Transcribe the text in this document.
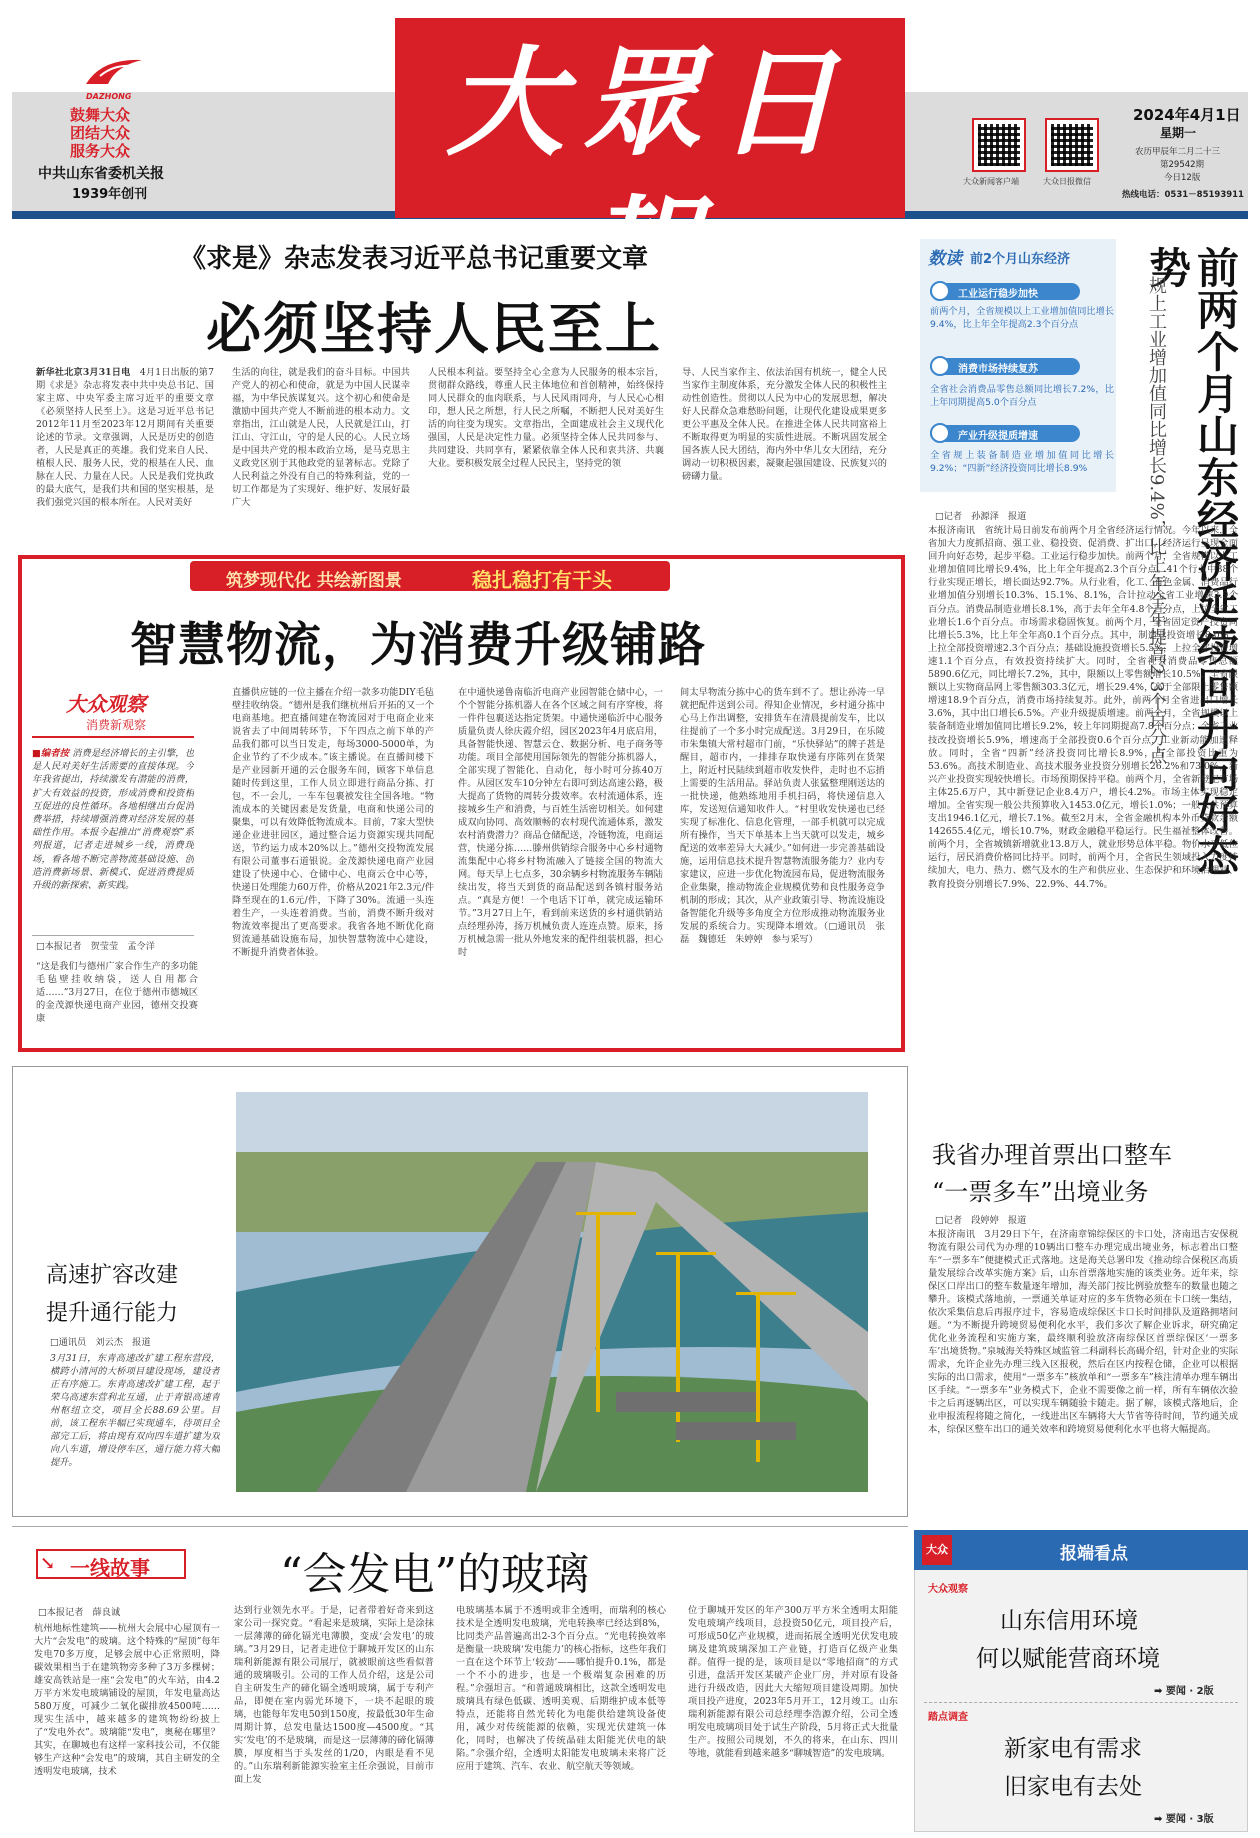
DAZHONG
鼓舞大众
团结大众
服务大众
中共山东省委机关报
1939年创刊
大眾日報
大众新闻客户端	大众日报微信
2024年4月1日
星期一
农历甲辰年二月二十三
第29542期
今日12版
热线电话：0531－85193911
《求是》杂志发表习近平总书记重要文章
必须坚持人民至上
新华社北京3月31日电　 4月1日出版的第7期《求是》杂志将发表中共中央总书记、国家主席、中央军委主席习近平的重要文章《必须坚持人民至上》。这是习近平总书记2012年11月至2023年12月期间有关重要论述的节录。文章强调，人民是历史的创造者，人民是真正的英雄。我们党来自人民、植根人民、服务人民，党的根基在人民、血脉在人民、力量在人民。人民是我们党执政的最大底气，是我们共和国的坚实根基，是我们强党兴国的根本所在。人民对美好
生活的向往，就是我们的奋斗目标。中国共产党人的初心和使命，就是为中国人民谋幸福，为中华民族谋复兴。这个初心和使命是激励中国共产党人不断前进的根本动力。文章指出，江山就是人民，人民就是江山，打江山、守江山，守的是人民的心。人民立场是中国共产党的根本政治立场，是马克思主义政党区别于其他政党的显著标志。党除了人民利益之外没有自己的特殊利益，党的一切工作都是为了实现好、维护好、发展好最广大
人民根本利益。要坚持全心全意为人民服务的根本宗旨，贯彻群众路线，尊重人民主体地位和首创精神，始终保持同人民群众的血肉联系，与人民风雨同舟，与人民心心相印，想人民之所想，行人民之所嘱，不断把人民对美好生活的向往变为现实。文章指出，全面建成社会主义现代化强国，人民是决定性力量。必须坚持全体人民共同参与、共同建设、共同享有，紧紧依靠全体人民和衷共济、共襄大业。要积极发展全过程人民民主，坚持党的领
导、人民当家作主、依法治国有机统一，健全人民当家作主制度体系，充分激发全体人民的积极性主动性创造性。贯彻以人民为中心的发展思想，解决好人民群众急难愁盼问题，让现代化建设成果更多更公平惠及全体人民。在推进全体人民共同富裕上不断取得更为明显的实质性进展。不断巩固发展全国各族人民大团结，海内外中华儿女大团结，充分调动一切积极因素，凝聚起强国建设、民族复兴的磅礴力量。
筑梦现代化 共绘新图景	稳扎稳打有干头
智慧物流，为消费升级铺路
大众观察
消费新观察
■编者按 消费是经济增长的主引擎，也是人民对美好生活需要的直接体现。今年我省提出，持续激发有潜能的消费，扩大有效益的投资，形成消费和投资相互促进的良性循环。各地相继出台促消费举措，持续增强消费对经济发展的基础性作用。本报今起推出“消费观察”系列报道，记者走进城乡一线，消费现场，看各地不断完善物流基础设施、创造消费新场景、新模式、促进消费提质升级的新探索、新实践。
□本报记者　贺莹莹　孟令洋
“这是我们与德州广家合作生产的多功能毛毡壁挂收纳袋，送人自用都合适……”3月27日，在位于德州市德城区的金茂源快递电商产业园，德州交投赛康
直播供应链的一位主播在介绍一款多功能DIY毛毡壁挂收纳袋。“德州是我们继杭州后开拓的又一个电商基地。把直播间建在物流园对于电商企业来说省去了中间周转环节，下午四点之前下单的产品我们都可以当日发走，每场3000-5000单，为企业节约了不少成本。”该主播说。在直播间楼下是产业园新开通的云仓服务车间，顾客下单信息随时传到这里，工作人员立即进行商品分拣、打包，不一会儿，一车车包裹被发往全国各地。“物流成本的关键因素是发货量，电商和快递公司的聚集，可以有效降低物流成本。目前，7家大型快递企业进驻园区，通过整合运力资源实现共同配送，节约运力成本20%以上。”德州交投物流发展有限公司董事石道银说。金茂源快递电商产业园建设了快递中心、仓储中心、电商云仓中心等，快递日处理能力60万件，价格从2021年2.3元/件降至现在的1.6元/件，下降了30%。流通一头连着生产，一头连着消费。当前，消费不断升级对物流效率提出了更高要求。我省各地不断优化商贸流通基础设施布局，加快智慧物流中心建设，不断提升消费者体验。
在中通快递鲁南临沂电商产业园智能仓储中心，一个个智能分拣机器人在各个区域之间有序穿梭，将一件件包裹送达指定货架。中通快递临沂中心服务质量负责人徐庆霞介绍，园区2023年4月底启用，具备智能快递、智慧云仓、数据分析、电子商务等功能。项目全部使用国际领先的智能分拣机器人，全部实现了智能化、自动化，每小时可分拣40万件。从园区发车10分钟左右即可到达高速公路，极大提高了货物的周转分拨效率。农村流通体系，连接城乡生产和消费，与百姓生活密切相关。如何建成双向协同、高效顺畅的农村现代流通体系，激发农村消费潜力？商品仓储配送，冷链物流，电商运营，快递分拣……滕州供销综合服务中心乡村通物流集配中心将乡村物流融入了链接全国的物流大网。每天早上七点多，30余辆乡村物流服务车辆陆续出发，将当天到货的商品配送到各镇村服务站点。“真是方便！一个电话下订单，就完成运输环节。”3月27日上午，看到前来送货的乡村通供销站点经理孙涛，扬万机械负责人连连点赞。原来，扬万机械急需一批从外地发来的配件组装机器，担心时
间太早物流分拣中心的货车到不了。想让孙涛一早就把配件送到公司。得知企业情况，乡村通分拣中心马上作出调整，安排货车在清晨提前发车，比以往提前了一个多小时完成配送。3月29日，在乐陵市朱集镇大常村超市门前，“乐快驿站”的牌子甚是醒目，超市内，一排排存取快递有序陈列在货架上，附近村民陆续到超市收发快件，走时也不忘捎上需要的生活用品。驿站负责人张猛整理刚送达的一批快递，他熟练地用手机扫码，将快递信息入库，发送短信通知收件人。“村里收发快递也已经实现了标准化、信息化管理，一部手机就可以完成所有操作，当天下单基本上当天就可以发走，城乡配送的效率差异大大减少。”如何进一步完善基础设施，运用信息技术提升智慧物流服务能力？业内专家建议，应进一步优化物流园布局，促进物流服务企业集聚，推动物流企业规模优势和良性服务竞争机制的形成；其次，从产业政策引导、物流设施设备智能化升级等多角度全方位形成推动物流服务业发展的系统合力。实现降本增效。（□通讯员　张磊　魏德廷　朱婷婷　参与采写）
高速扩容改建
提升通行能力
□通讯员　刘云杰　报道
3月31日，东青高速改扩建工程东营段，横跨小清河的大桥项目建设现场，建设者正有序施工。东青高速改扩建工程，起于荣乌高速东营利北互通，止于青银高速青州枢纽立交，项目全长88.69公里。目前，该工程东半幅已实现通车，待项目全部完工后，将由现有双向四车道扩建为双向八车道，增设停车区，通行能力将大幅提升。
数读 前2个月山东经济
工业运行稳步加快
前两个月，全省规模以上工业增加值同比增长9.4%，比上年全年提高2.3个百分点
消费市场持续复苏
全省社会消费品零售总额同比增长7.2%，比上年同期提高5.0个百分点
产业升级提质增速
全省规上装备制造业增加值同比增长9.2%；“四新”经济投资同比增长8.9%	前两个月山东经济延续回升向好态势
规上工业增加值同比增长9.4%，比上年全年提高2.3个百分点
□记者　孙源泽　报道
本报济南讯　省统计局日前发布前两个月全省经济运行情况。今年以来，全省加大力度抓招商、强工业、稳投资、促消费、扩出口，经济运行呈现全面回升向好态势，起步平稳。工业运行稳步加快。前两个月，全省规模以上工业增加值同比增长9.4%，比上年全年提高2.3个百分点。41个行业中38个行业实现正增长，增长面达92.7%。从行业看，化工、有色金属、消费品行业增加值分别增长10.3%、15.1%、8.1%，合计拉动全省工业增速3.9个百分点。消费品制造业增长8.1%，高于去年全年4.8个百分点，上拉全省工业增长1.6个百分点。市场需求稳固恢复。前两个月，全省固定资产投资同比增长5.3%，比上年全年高0.1个百分点。其中，制造业投资增长8.0%，上拉全部投资增速2.3个百分点；基础设施投资增长5.5%，上拉全部投资增速1.1个百分点，有效投资持续扩大。同时，全省社会消费品零售总额5890.6亿元，同比增长7.2%，其中，限额以上零售额增长10.5%。全省限额以上实物商品网上零售额303.3亿元，增长29.4%，高于全部限上零售额增速18.9个百分点，消费市场持续复苏。此外，前两个月全省进出口增长3.6%，其中出口增长6.5%。产业升级提质增速。前两个月，全省规模以上装备制造业增加值同比增长9.2%，较上年同期提高7.8个百分点；全省工业技改投资增长5.9%，增速高于全部投资0.6个百分点，工业新动能加速释放。同时，全省“四新”经济投资同比增长8.9%，占全部投资比重为53.6%。高技术制造业、高技术服务业投资分别增长26.2%和73.0%，新兴产业投资实现较快增长。市场预期保持平稳。前两个月，全省新登记市场主体25.6万户，其中新登记企业8.4万户，增长4.2%。市场主体实现稳定增加。全省实现一般公共预算收入1453.0亿元，增长1.0%；一般公共预算支出1946.1亿元，增长7.1%。截至2月末，全省金融机构本外币贷款余额142655.4亿元，增长10.7%，财政金融稳平稳运行。民生福祉整体改善。前两个月，全省城镇新增就业13.8万人，就业形势总体平稳。物价水平低位运行，居民消费价格同比持平。同时，前两个月，全省民生领域投入力度持续加大，电力、热力、燃气及水的生产和供应业、生态保护和环境治理业、教育投资分别增长7.9%、22.9%、44.7%。
我省办理首票出口整车
“一票多车”出境业务
□记者　段婷婷　报道
本报济南讯　3月29日下午，在济南章锦综保区的卡口处，济南迅吉安保税物流有限公司代为办理的10辆出口整车办理完成出境业务，标志着出口整车“一票多车”便捷模式正式落地。这是海关总署印发《推动综合保税区高质量发展综合改革实施方案》后，山东首票落地实施的该类业务。近年来，综保区口岸出口的整车数量逐年增加，海关部门按比例验放整车的数量也随之攀升。该模式落地前，一票通关单证对应的多车货物必须在卡口统一集结，依次采集信息后再报序过卡，容易造成综保区卡口长时间排队及道路拥堵问题。“为不断提升跨境贸易便利化水平，我们多次了解企业诉求，研究确定优化业务流程和实施方案，最终顺利验放济南综保区首票综保区‘一票多车’出境货物。”泉城海关特殊区域监管二科副科长高碣介绍，针对企业的实际需求，允许企业先办理三线入区报税，然后在区内按程仓储，企业可以根据实际的出口需求，使用“一票多车”核放单和“一票多车”核注清单办理车辆出区手续。“一票多车”业务模式下，企业不需要像之前一样，所有车辆依次验卡之后再逐辆出区，可以实现车辆随验卡随走。据了解，该模式落地后，企业申报流程将随之简化，一线进出区车辆将大大节省等待时间，节约通关成本，综保区整车出口的通关效率和跨境贸易便利化水平也将大幅提高。
↘ 一线故事	“会发电”的玻璃
□本报记者　薛良诚
杭州地标性建筑——杭州大会展中心屋顶有一大片“会发电”的玻璃。这个特殊的“屋顶”每年发电70多万度，足够会展中心正常照明，降碳效果相当于在建筑物旁多种了3万多棵树；雄安高铁站是一座“会发电”的火车站，由4.2万平方米发电玻璃铺设的屋顶，年发电量高达580万度，可减少二氧化碳排放4500吨……现实生活中，越来越多的建筑物纷纷披上了“发电外衣”。玻璃能“发电”，奥秘在哪里？其实，在聊城也有这样一家科技公司，不仅能够生产这种“会发电”的玻璃，其自主研发的全透明发电玻璃，技术
达到行业领先水平。于是，记者带着好奇来到这家公司一探究竟。“看起来是玻璃，实际上是涂抹一层薄薄的碲化镉光电薄膜，变成‘会发电’的玻璃。”3月29日，记者走进位于聊城开发区的山东瑞利新能源有限公司展厅，就被眼前这些看似普通的玻璃吸引。公司的工作人员介绍，这是公司自主研发生产的碲化镉全透明玻璃，属于专利产品，即便在室内弱光环境下，一块不起眼的玻璃，也能每年发电50到150度，按最低30年生命周期计算，总发电量达1500度—4500度。“其实‘发电’的不是玻璃，而是这一层薄薄的碲化镉薄膜，厚度相当于头发丝的1/20，内眼是看不见的。”山东瑞利新能源实验室主任佘强说，目前市面上发
电玻璃基本属于不透明或非全透明，而瑞利的核心技术是全透明发电玻璃，光电转换率已经达到8%，比同类产品普遍高出2-3个百分点。“光电转换效率是衡量一块玻璃‘发电能力’的核心指标，这些年我们一直在这个环节上‘较劲’——哪怕提升0.1%，都是一个不小的进步，也是一个极端复杂困难的历程。”佘强坦言。“和普通玻璃相比，这款全透明发电玻璃具有绿色低碳、透明美观、后期维护成本低等特点，还能将自然光转化为电能供给建筑设备使用，减少对传统能源的依赖，实现光伏建筑一体化，同时，也解决了传统晶硅太阳能光伏电的缺陷。”佘强介绍，全透明太阳能发电玻璃未来将广泛应用于建筑、汽车、农业、航空航天等领域。
位于聊城开发区的年产300万平方米全透明太阳能发电玻璃产线项目，总投资50亿元，项目投产后，可形成50亿产业规模，进而拓展全透明光伏发电玻璃及建筑玻璃深加工产业链，打造百亿级产业集群。值得一提的是，该项目是以“零地招商”的方式引进，盘活开发区某破产企业厂房，并对原有设备进行升级改造，因此大大缩短项目建设周期。加快项目投产进度，2023年5月开工，12月竣工。山东瑞利新能源有限公司总经理李浩源介绍，公司全透明发电玻璃项目处于试生产阶段，5月将正式大批量生产。按照公司规划，不久的将来，在山东、四川等地，就能看到越来越多“聊城智造”的发电玻璃。
大众	报端看点
大众观察
山东信用环境
何以赋能营商环境
➡ 要闻 · 2版
踏点调查
新家电有需求
旧家电有去处
➡ 要闻 · 3版
